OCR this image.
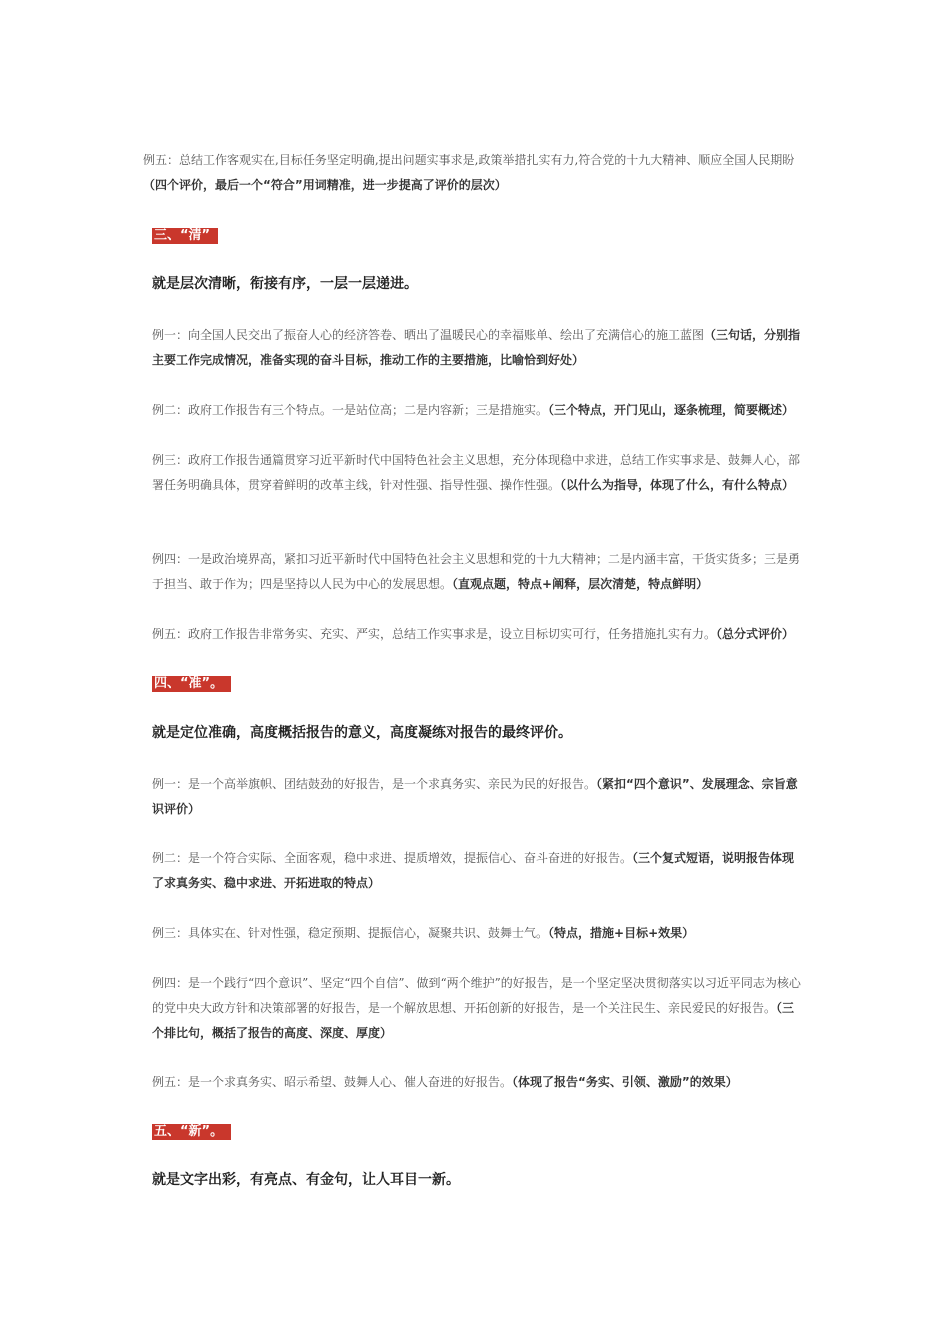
例五：总结工作客观实在,目标任务坚定明确,提出问题实事求是,政策举措扎实有力,符合党的十九大精神、顺应全国人民期盼（四个评价，最后一个“符合”用词精准，进一步提高了评价的层次）

三、“清”

就是层次清晰，衔接有序，一层一层递进。

例一：向全国人民交出了振奋人心的经济答卷、晒出了温暖民心的幸福账单、绘出了充满信心的施工蓝图（三句话，分别指主要工作完成情况，准备实现的奋斗目标，推动工作的主要措施，比喻恰到好处）

例二：政府工作报告有三个特点。一是站位高；二是内容新；三是措施实。（三个特点，开门见山，逐条梳理，简要概述）

例三：政府工作报告通篇贯穿习近平新时代中国特色社会主义思想，充分体现稳中求进，总结工作实事求是、鼓舞人心，部署任务明确具体，贯穿着鲜明的改革主线，针对性强、指导性强、操作性强。（以什么为指导，体现了什么，有什么特点）

例四：一是政治境界高，紧扣习近平新时代中国特色社会主义思想和党的十九大精神；二是内涵丰富，干货实货多；三是勇于担当、敢于作为；四是坚持以人民为中心的发展思想。（直观点题，特点+阐释，层次清楚，特点鲜明）

例五：政府工作报告非常务实、充实、严实，总结工作实事求是，设立目标切实可行，任务措施扎实有力。（总分式评价）

四、“准”。

就是定位准确，高度概括报告的意义，高度凝练对报告的最终评价。

例一：是一个高举旗帜、团结鼓劲的好报告，是一个求真务实、亲民为民的好报告。（紧扣“四个意识”、发展理念、宗旨意识评价）

例二：是一个符合实际、全面客观，稳中求进、提质增效，提振信心、奋斗奋进的好报告。（三个复式短语，说明报告体现了求真务实、稳中求进、开拓进取的特点）

例三：具体实在、针对性强，稳定预期、提振信心，凝聚共识、鼓舞士气。（特点，措施+目标+效果）

例四：是一个践行“四个意识”、坚定“四个自信”、做到“两个维护”的好报告，是一个坚定坚决贯彻落实以习近平同志为核心的党中央大政方针和决策部署的好报告，是一个解放思想、开拓创新的好报告，是一个关注民生、亲民爱民的好报告。（三个排比句，概括了报告的高度、深度、厚度）

例五：是一个求真务实、昭示希望、鼓舞人心、催人奋进的好报告。（体现了报告“务实、引领、激励”的效果）

五、“新”。

就是文字出彩，有亮点、有金句，让人耳目一新。
